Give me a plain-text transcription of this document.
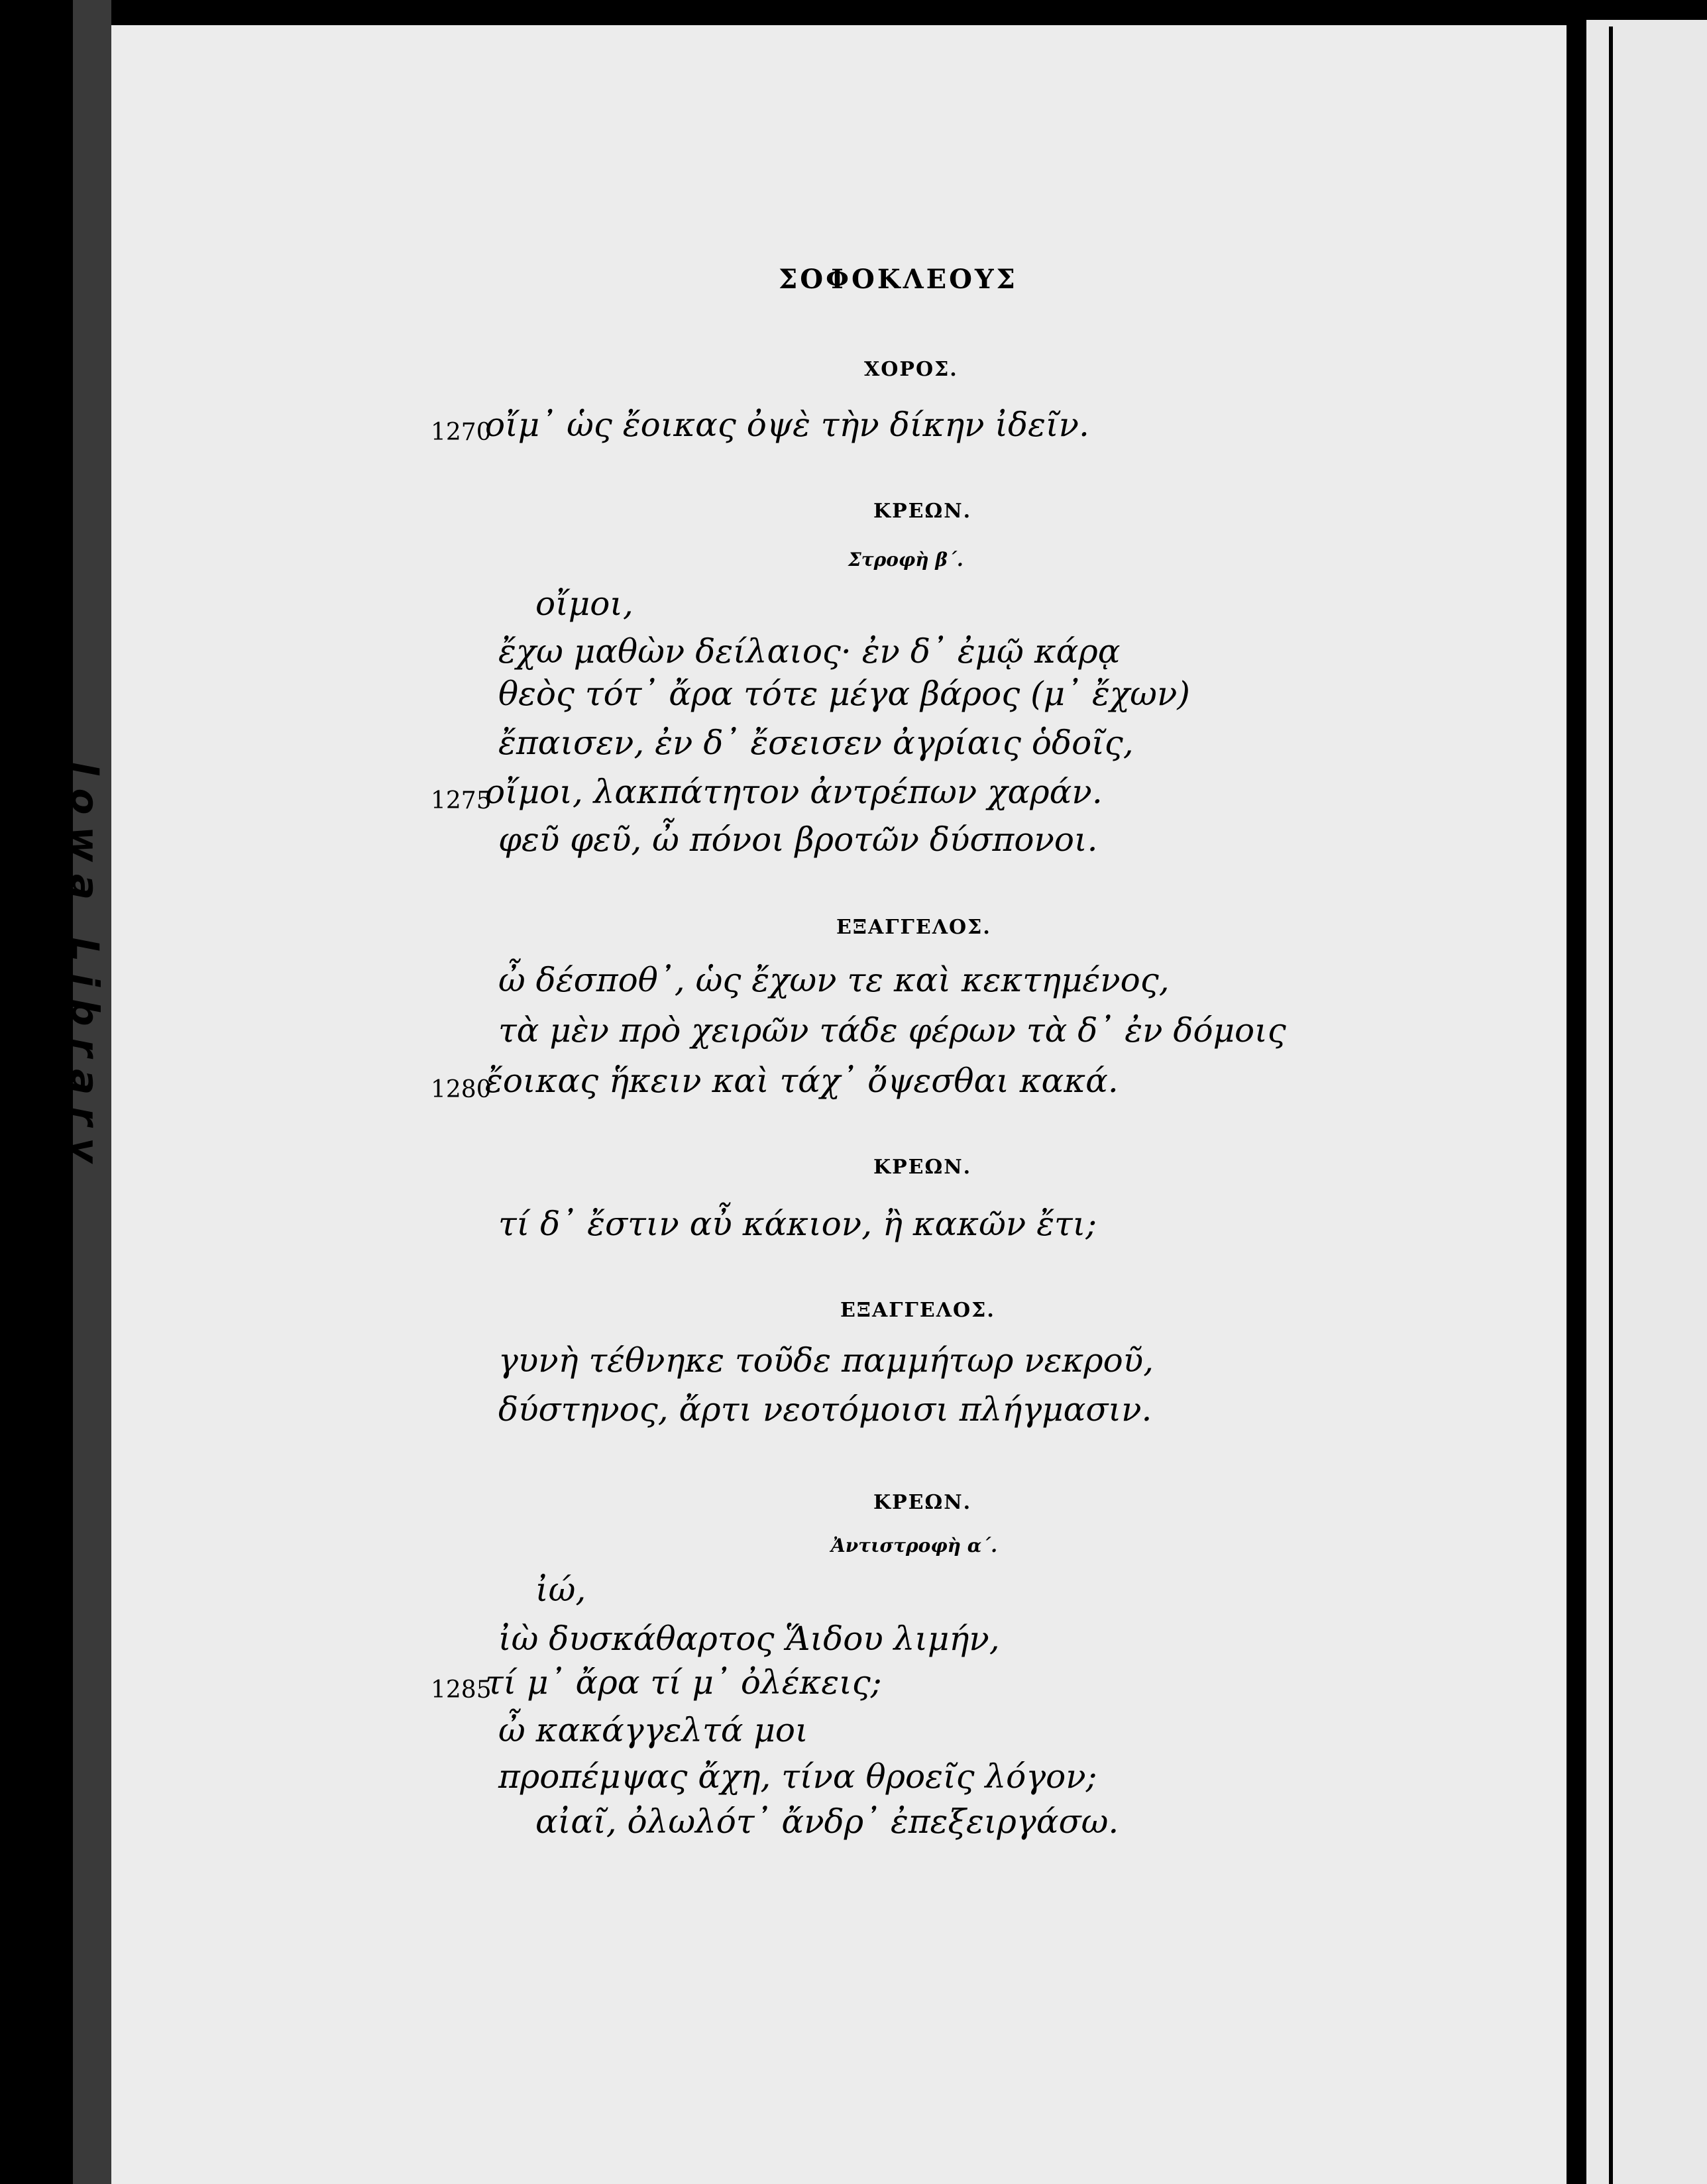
Iowa Library
ΣΟΦΟΚΛΕΟΥΣ
ΧΟΡΟΣ.
1270
οἴμ᾽ ὡς ἔοικας ὀψὲ τὴν δίκην ἰδεῖν.
ΚΡΕΩΝ.
Στροφὴ β΄.
οἴμοι,
ἔχω μαθὼν δείλαιος· ἐν δ᾽ ἐμῷ κάρᾳ
θεὸς τότ᾽ ἄρα τότε μέγα βάρος (μ᾽ ἔχων)
ἔπαισεν, ἐν δ᾽ ἔσεισεν ἀγρίαις ὁδοῖς,
1275
οἴμοι, λακπάτητον ἀντρέπων χαράν.
φεῦ φεῦ, ὦ πόνοι βροτῶν δύσπονοι.
ΕΞΑΓΓΕΛΟΣ.
ὦ δέσποθ᾽, ὡς ἔχων τε καὶ κεκτημένος,
τὰ μὲν πρὸ χειρῶν τάδε φέρων τὰ δ᾽ ἐν δόμοις
1280
ἔοικας ἥκειν καὶ τάχ᾽ ὄψεσθαι κακά.
ΚΡΕΩΝ.
τί δ᾽ ἔστιν αὖ κάκιον, ἢ κακῶν ἔτι;
ΕΞΑΓΓΕΛΟΣ.
γυνὴ τέθνηκε τοῦδε παμμήτωρ νεκροῦ,
δύστηνος, ἄρτι νεοτόμοισι πλήγμασιν.
ΚΡΕΩΝ.
Ἀντιστροφὴ α΄.
ἰώ,
ἰὼ δυσκάθαρτος Ἅιδου λιμήν,
1285
τί μ᾽ ἄρα τί μ᾽ ὀλέκεις;
ὦ κακάγγελτά μοι
προπέμψας ἄχη, τίνα θροεῖς λόγον;
αἰαῖ, ὀλωλότ᾽ ἄνδρ᾽ ἐπεξειργάσω.
